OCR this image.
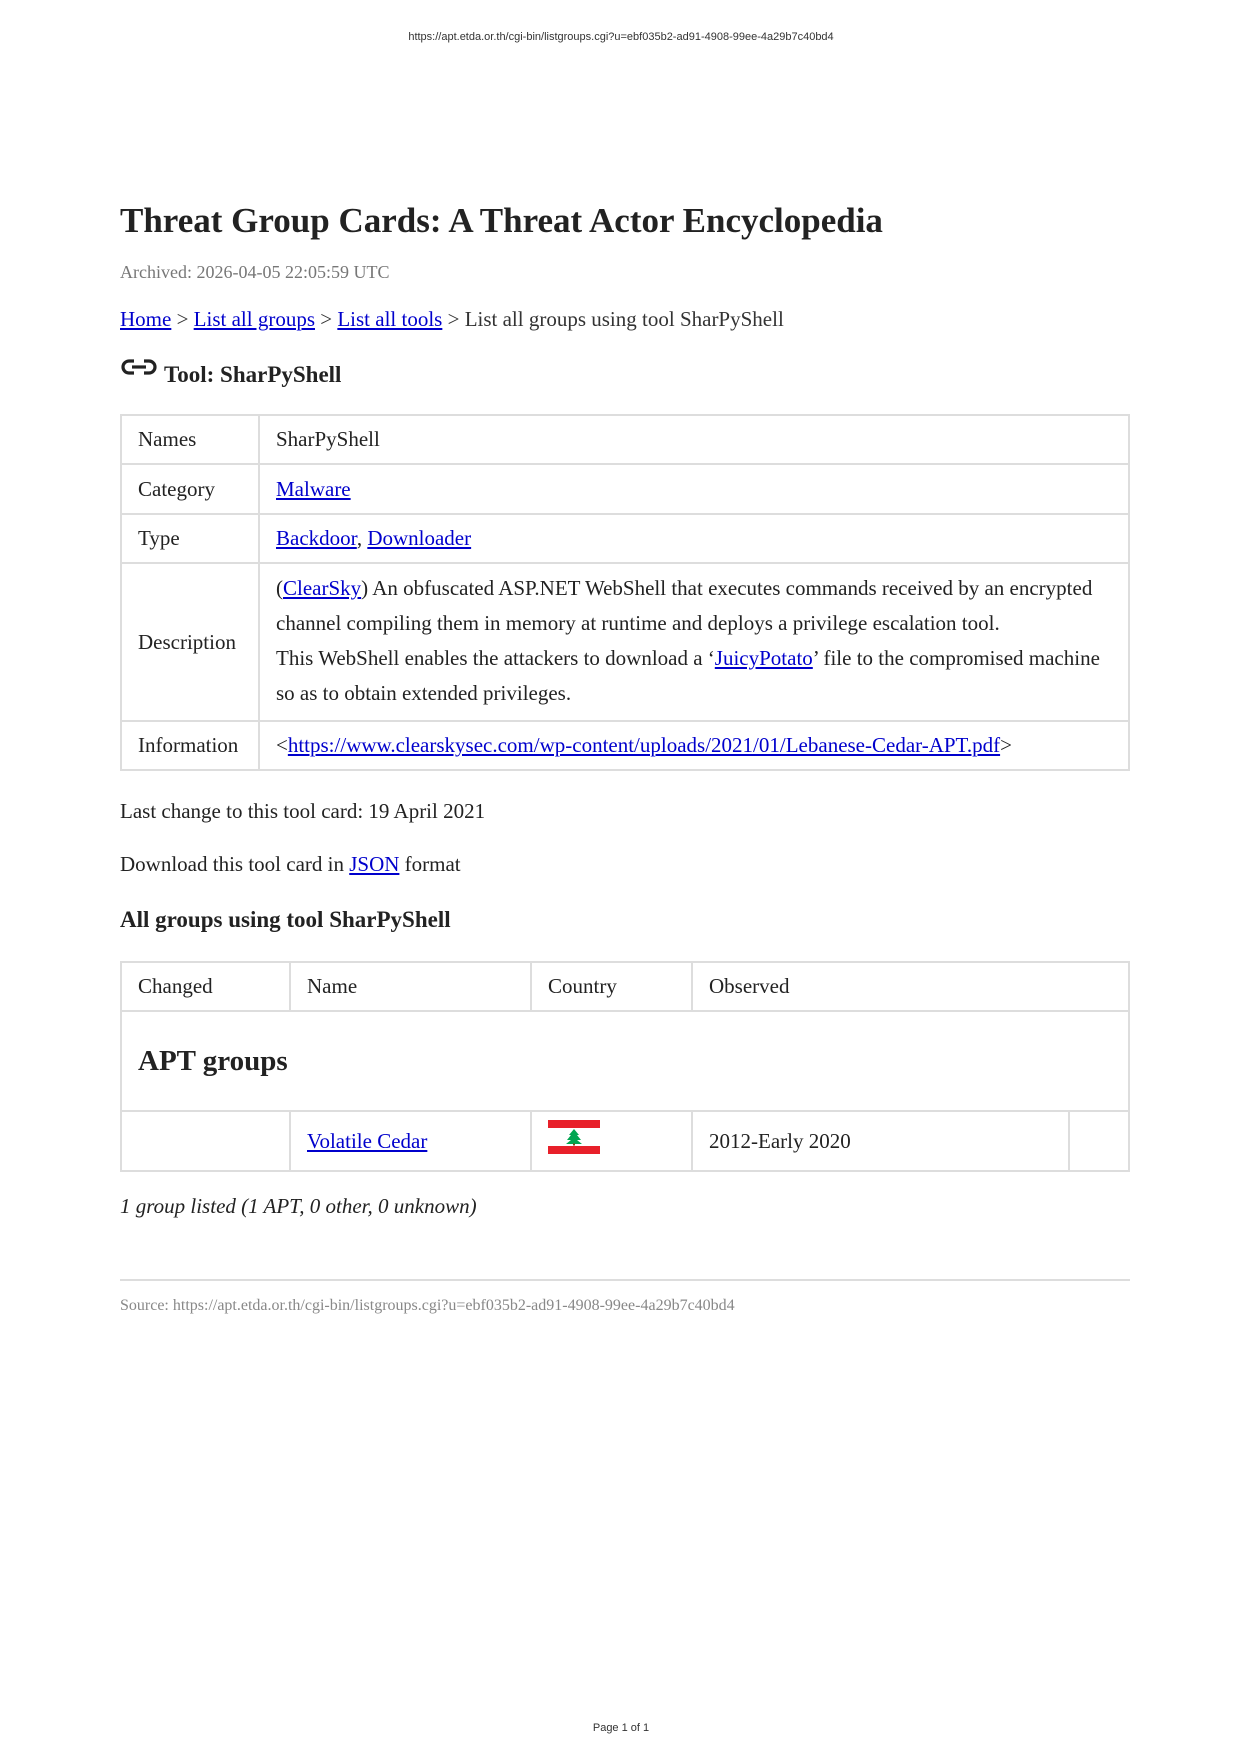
https://apt.etda.or.th/cgi-bin/listgroups.cgi?u=ebf035b2-ad91-4908-99ee-4a29b7c40bd4
Threat Group Cards: A Threat Actor Encyclopedia
Archived: 2026-04-05 22:05:59 UTC
Home > List all groups > List all tools > List all groups using tool SharPyShell
Tool: SharPyShell
Names	SharPyShell
Category	Malware
Type	Backdoor, Downloader
Description	(ClearSky) An obfuscated ASP.NET WebShell that executes commands received by an encrypted channel compiling them in memory at runtime and deploys a privilege escalation tool.
This WebShell enables the attackers to download a ‘JuicyPotato’ file to the compromised machine so as to obtain extended privileges.
Information	<https://www.clearskysec.com/wp-content/uploads/2021/01/Lebanese-Cedar-APT.pdf>
Last change to this tool card: 19 April 2021
Download this tool card in JSON format
All groups using tool SharPyShell
Changed	Name	Country	Observed	
APT groups				
	Volatile Cedar		2012-Early 2020	
1 group listed (1 APT, 0 other, 0 unknown)
Source: https://apt.etda.or.th/cgi-bin/listgroups.cgi?u=ebf035b2-ad91-4908-99ee-4a29b7c40bd4
Page 1 of 1
